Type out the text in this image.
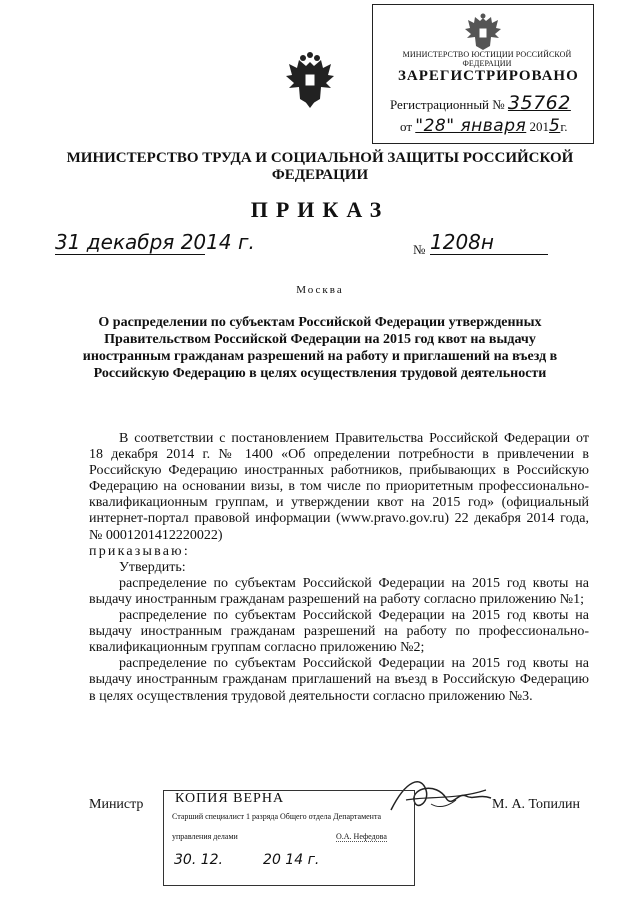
МИНИСТЕРСТВО ЮСТИЦИИ РОССИЙСКОЙ ФЕДЕРАЦИИ
ЗАРЕГИСТРИРОВАНО
Регистрационный № 35762
от "28" января 2015г.
МИНИСТЕРСТВО ТРУДА И СОЦИАЛЬНОЙ ЗАЩИТЫ РОССИЙСКОЙ ФЕДЕРАЦИИ
ПРИКАЗ
31 декабря 2014 г.	№ 1208н
Москва
О распределении по субъектам Российской Федерации утвержденных Правительством Российской Федерации на 2015 год квот на выдачу иностранным гражданам разрешений на работу и приглашений на въезд в Российскую Федерацию в целях осуществления трудовой деятельности

В соответствии с постановлением Правительства Российской Федерации от 18 декабря 2014 г. № 1400 «Об определении потребности в привлечении в Российскую Федерацию иностранных работников, прибывающих в Российскую Федерацию на основании визы, в том числе по приоритетным профессионально-квалификационным группам, и утверждении квот на 2015 год» (официальный интернет-портал правовой информации (www.pravo.gov.ru) 22 декабря 2014 года, № 0001201412220022)

приказываю:

Утвердить:

распределение по субъектам Российской Федерации на 2015 год квоты на выдачу иностранным гражданам разрешений на работу согласно приложению №1;

распределение по субъектам Российской Федерации на 2015 год квоты на выдачу иностранным гражданам разрешений на работу по профессионально-квалификационным группам согласно приложению №2;

распределение по субъектам Российской Федерации на 2015 год квоты на выдачу иностранным гражданам приглашений на въезд в Российскую Федерацию в целях осуществления трудовой деятельности согласно приложению №3.

Министр	М. А. Топилин
КОПИЯ ВЕРНА
Старший специалист 1 разряда Общего отдела Департамента
управления делами	О.А. Нефедова
30. 12.	20 14 г.
